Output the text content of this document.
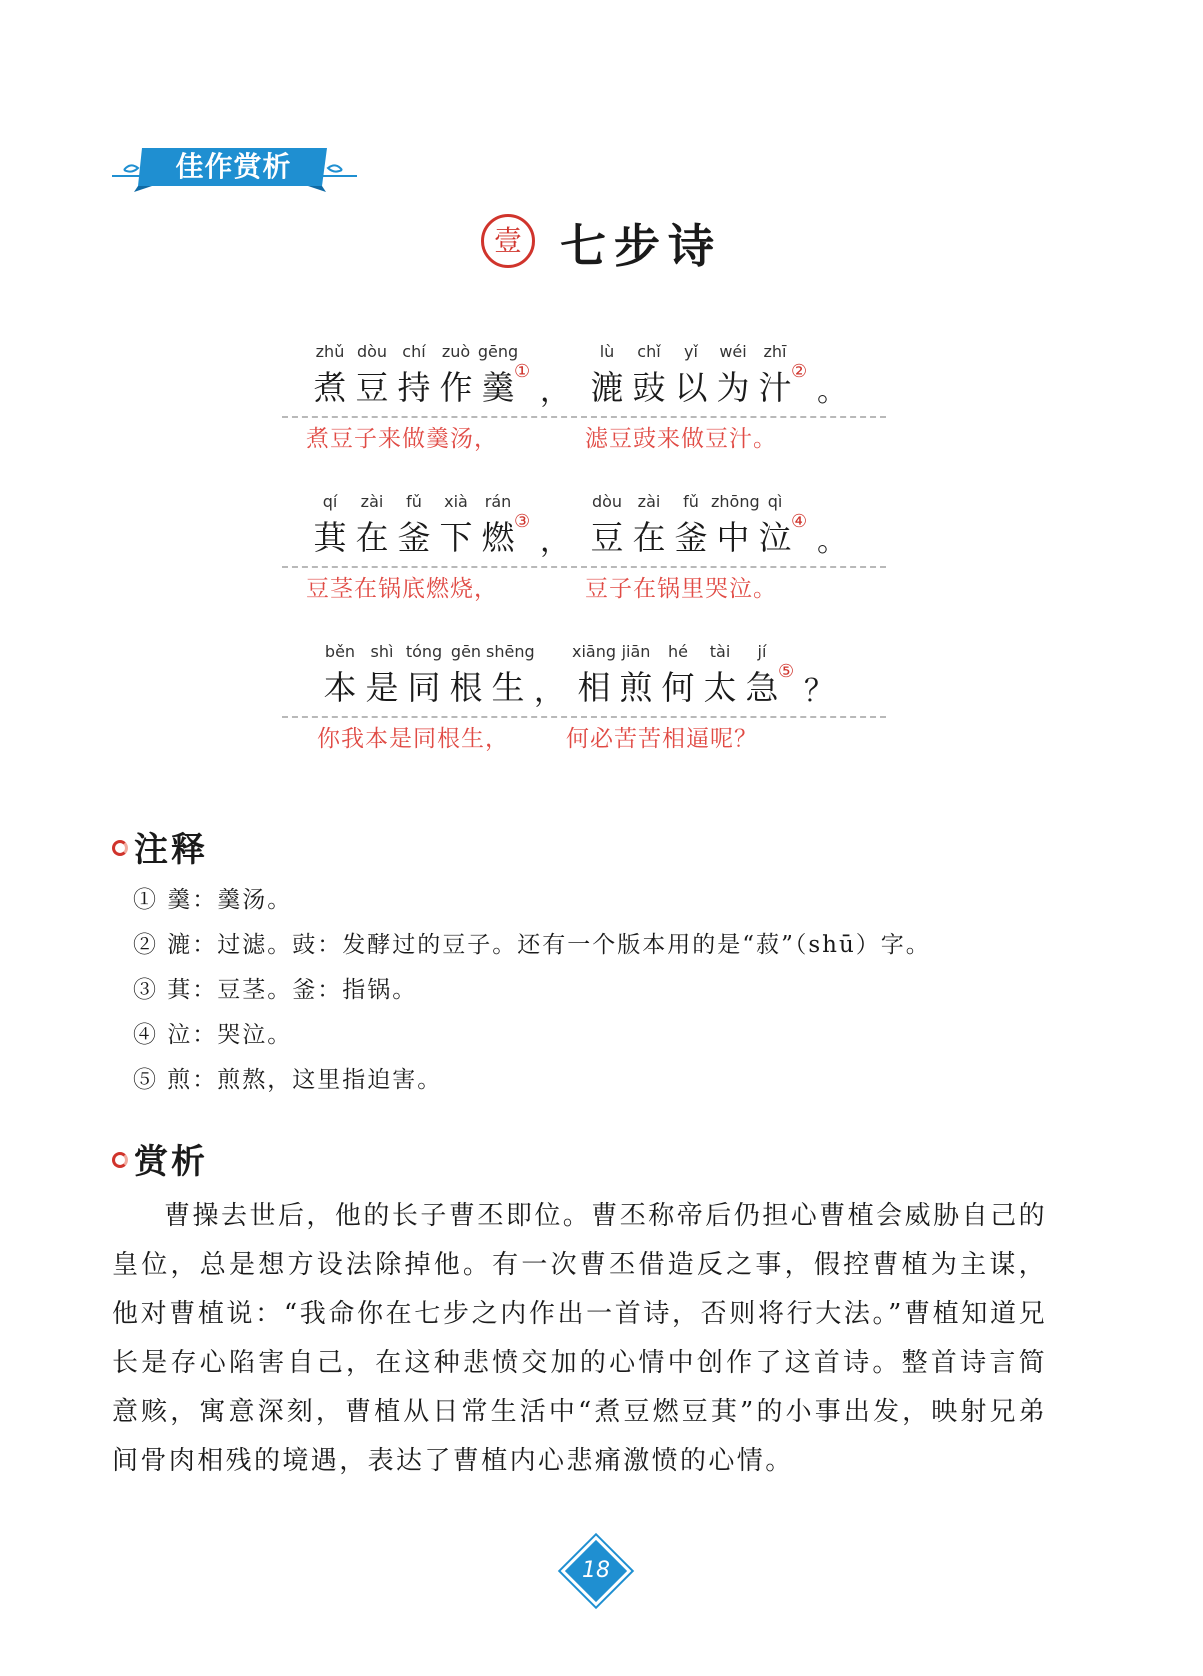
佳作赏析
壹 七步诗
zhǔ
煮
dòu
豆
chí
持
zuò
作
gēng
羹 ①
，
lù
漉
chǐ
豉
yǐ
以
wéi
为
zhī
汁 ②
。
煮豆子来做羹汤，	滤豆豉来做豆汁。
qí
萁
zài
在
fǔ
釜
xià
下
rán
燃 ③
，
dòu
豆
zài
在
fǔ
釜
zhōng
中
qì
泣 ④
。
豆茎在锅底燃烧，	豆子在锅里哭泣。
běn
本
shì
是
tóng
同
gēn
根
shēng
生 ，
xiāng
相
jiān
煎
hé
何
tài
太
jí
急 ⑤
？
你我本是同根生， 何必苦苦相逼呢？
注释
① 羹：羹汤。
② 漉：过滤。豉：发酵过的豆子。还有一个版本用的是“菽”（shū）字。
③ 萁：豆茎。釜：指锅。
④ 泣：哭泣。
⑤ 煎：煎熬，这里指迫害。
赏析

曹操去世后，他的长子曹丕即位。曹丕称帝后仍担心曹植会威胁自己的皇位，总是想方设法除掉他。有一次曹丕借造反之事，假控曹植为主谋，他对曹植说：“我命你在七步之内作出一首诗，否则将行大法。”曹植知道兄长是存心陷害自己，在这种悲愤交加的心情中创作了这首诗。整首诗言简意赅，寓意深刻，曹植从日常生活中“煮豆燃豆萁”的小事出发，映射兄弟间骨肉相残的境遇，表达了曹植内心悲痛激愤的心情。

18
